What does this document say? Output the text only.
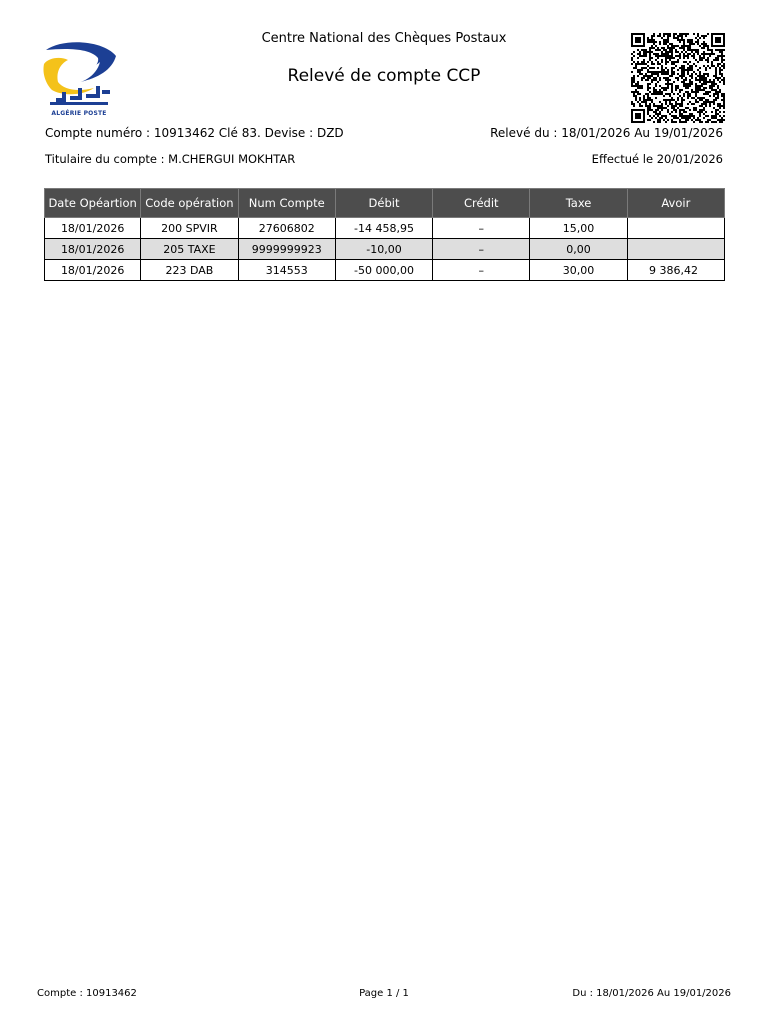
ALGÉRIE POSTE
Centre National des Chèques Postaux
Relevé de compte CCP
Compte numéro : 10913462 Clé 83. Devise : DZD	Relevé du : 18/01/2026 Au 19/01/2026
Titulaire du compte : M.CHERGUI MOKHTAR	Effectué le 20/01/2026
Date Opéartion	Code opération	Num Compte	Débit	Crédit	Taxe	Avoir
18/01/2026	200 SPVIR	27606802	-14 458,95	–	15,00	
18/01/2026	205 TAXE	9999999923	-10,00	–	0,00	
18/01/2026	223 DAB	314553	-50 000,00	–	30,00	9 386,42
Compte : 10913462	Page 1 / 1	Du : 18/01/2026 Au 19/01/2026
